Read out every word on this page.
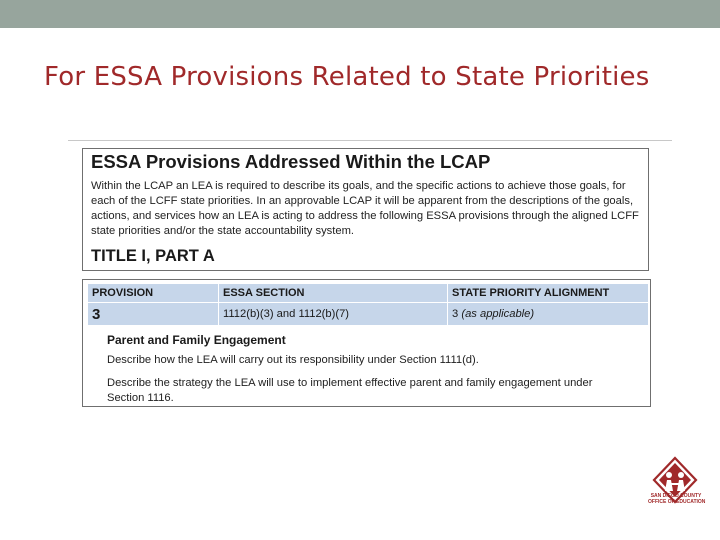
For ESSA Provisions Related to State Priorities
ESSA Provisions Addressed Within the LCAP
Within the LCAP an LEA is required to describe its goals, and the specific actions to achieve those goals, for each of the LCFF state priorities. In an approvable LCAP it will be apparent from the descriptions of the goals, actions, and services how an LEA is acting to address the following ESSA provisions through the aligned LCFF state priorities and/or the state accountability system.
TITLE I, PART A
PROVISION	ESSA SECTION	STATE PRIORITY ALIGNMENT
3	1112(b)(3) and 1112(b)(7)	3 (as applicable)
Parent and Family Engagement
Describe how the LEA will carry out its responsibility under Section 1111(d).
Describe the strategy the LEA will use to implement effective parent and family engagement under Section 1116.
SAN DIEGO COUNTY
OFFICE OF EDUCATION
